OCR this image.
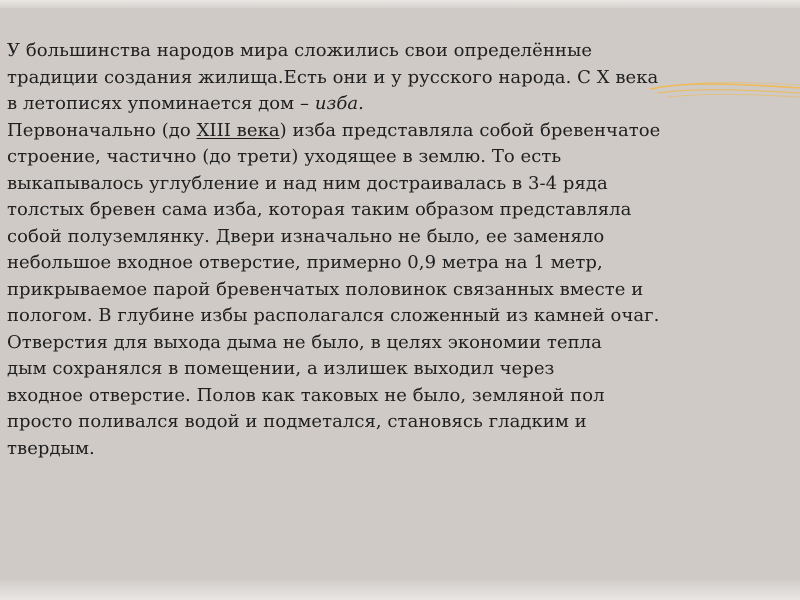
У большинства народов мира сложились свои определённые
традиции создания жилища.Есть они и у русского народа. С X века
в летописях упоминается дом – изба.
Первоначально (до XIII века) изба представляла собой бревенчатое
строение, частично (до трети) уходящее в землю. То есть
выкапывалось углубление и над ним достраивалась в 3-4 ряда
толстых бревен сама изба, которая таким образом представляла
собой полуземлянку. Двери изначально не было, ее заменяло
небольшое входное отверстие, примерно 0,9 метра на 1 метр,
прикрываемое парой бревенчатых половинок связанных вместе и
пологом. В глубине избы располагался сложенный из камней очаг.
Отверстия для выхода дыма не было, в целях экономии тепла
дым сохранялся в помещении, а излишек выходил через
входное отверстие. Полов как таковых не было, земляной пол
просто поливался водой и подметался, становясь гладким и
твердым.
